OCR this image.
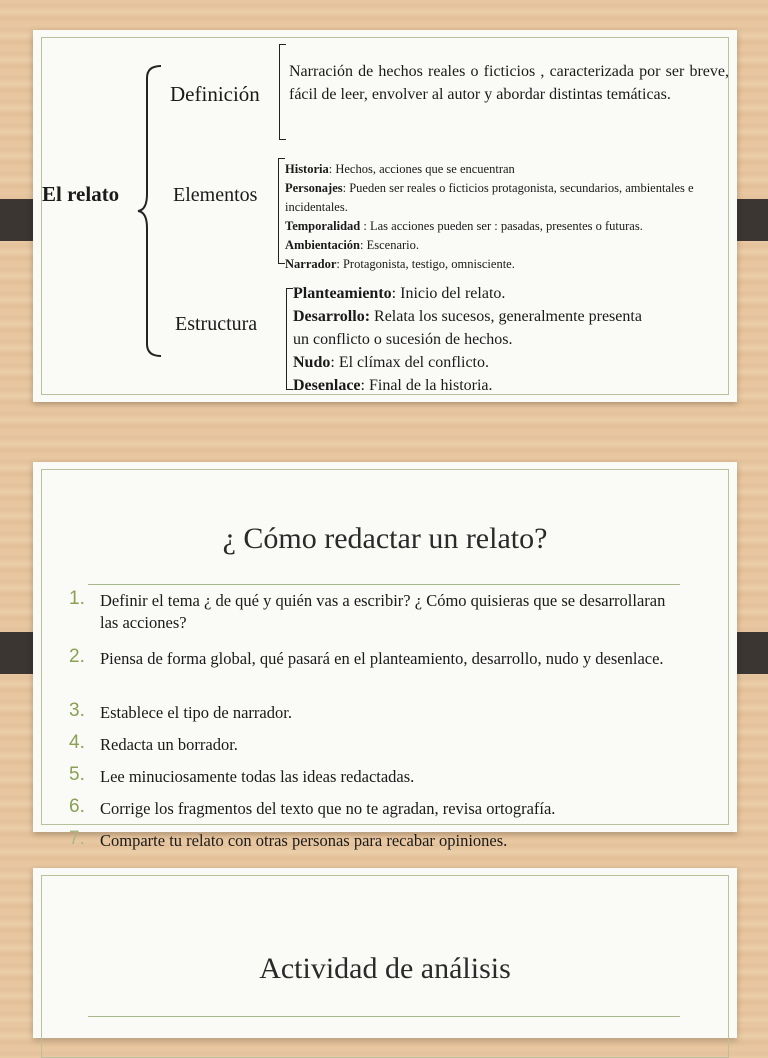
El relato
Definición
Elementos
Estructura
Narración de hechos reales o ficticios , caracterizada por ser breve, fácil de leer, envolver al autor y abordar distintas temáticas.
Historia: Hechos, acciones que se encuentran
Personajes: Pueden ser reales o ficticios protagonista, secundarios, ambientales e incidentales.
Temporalidad : Las acciones pueden ser : pasadas, presentes o futuras.
Ambientación: Escenario.
Narrador: Protagonista, testigo, omnisciente.
Planteamiento: Inicio del relato.
Desarrollo: Relata los sucesos, generalmente presenta un conflicto o sucesión de hechos.
Nudo: El clímax del conflicto.
Desenlace: Final de la historia.
¿ Cómo redactar un relato?
1. Definir el tema ¿ de qué y quién vas a escribir? ¿ Cómo quisieras que se desarrollaran las acciones?
2. Piensa de forma global, qué pasará en el planteamiento, desarrollo, nudo y desenlace.
3. Establece el tipo de narrador.
4. Redacta un borrador.
5. Lee minuciosamente todas las ideas redactadas.
6. Corrige los fragmentos del texto que no te agradan, revisa ortografía.
7. Comparte tu relato con otras personas para recabar opiniones.
Actividad de análisis
